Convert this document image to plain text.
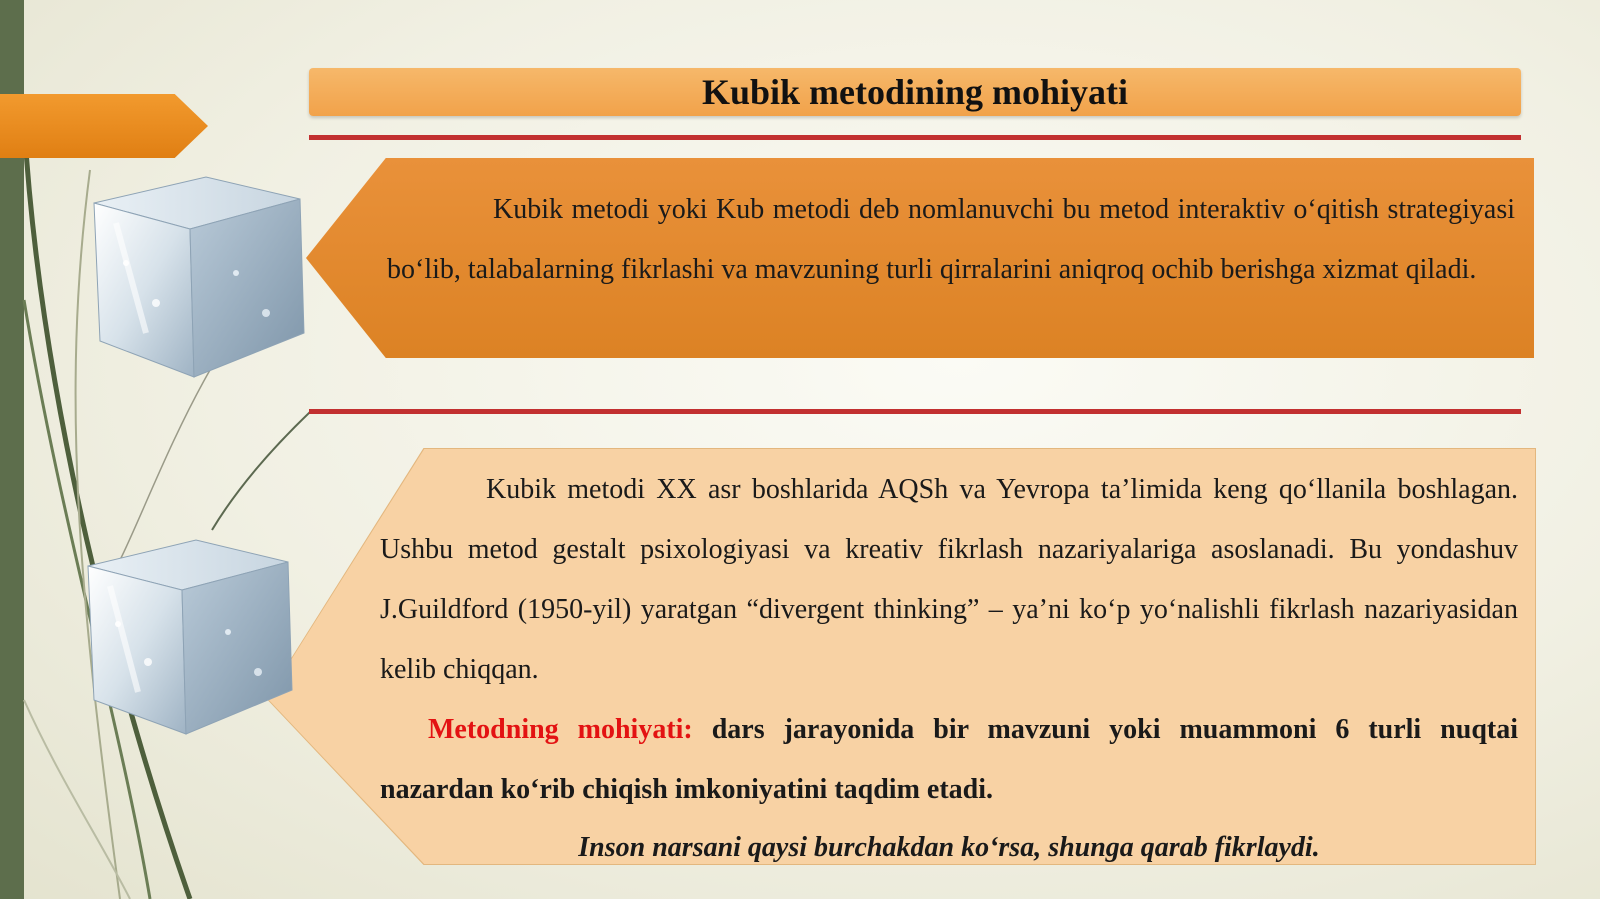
Kubik metodining mohiyati

Kubik metodi yoki Kub metodi deb nomlanuvchi bu metod interaktiv o‘qitish strategiyasi bo‘lib, talabalarning fikrlashi va mavzuning turli qirralarini aniqroq ochib berishga xizmat qiladi.

Kubik metodi XX asr boshlarida AQSh va Yevropa ta’limida keng qo‘llanila boshlagan. Ushbu metod gestalt psixologiyasi va kreativ fikrlash nazariyalariga asoslanadi. Bu yondashuv J.Guildford (1950-yil) yaratgan “divergent thinking” – ya’ni ko‘p yo‘nalishli fikrlash nazariyasidan kelib chiqqan.

Metodning mohiyati: dars jarayonida bir mavzuni yoki muammoni 6 turli nuqtai nazardan ko‘rib chiqish imkoniyatini taqdim etadi.

Inson narsani qaysi burchakdan ko‘rsa, shunga qarab fikrlaydi.
